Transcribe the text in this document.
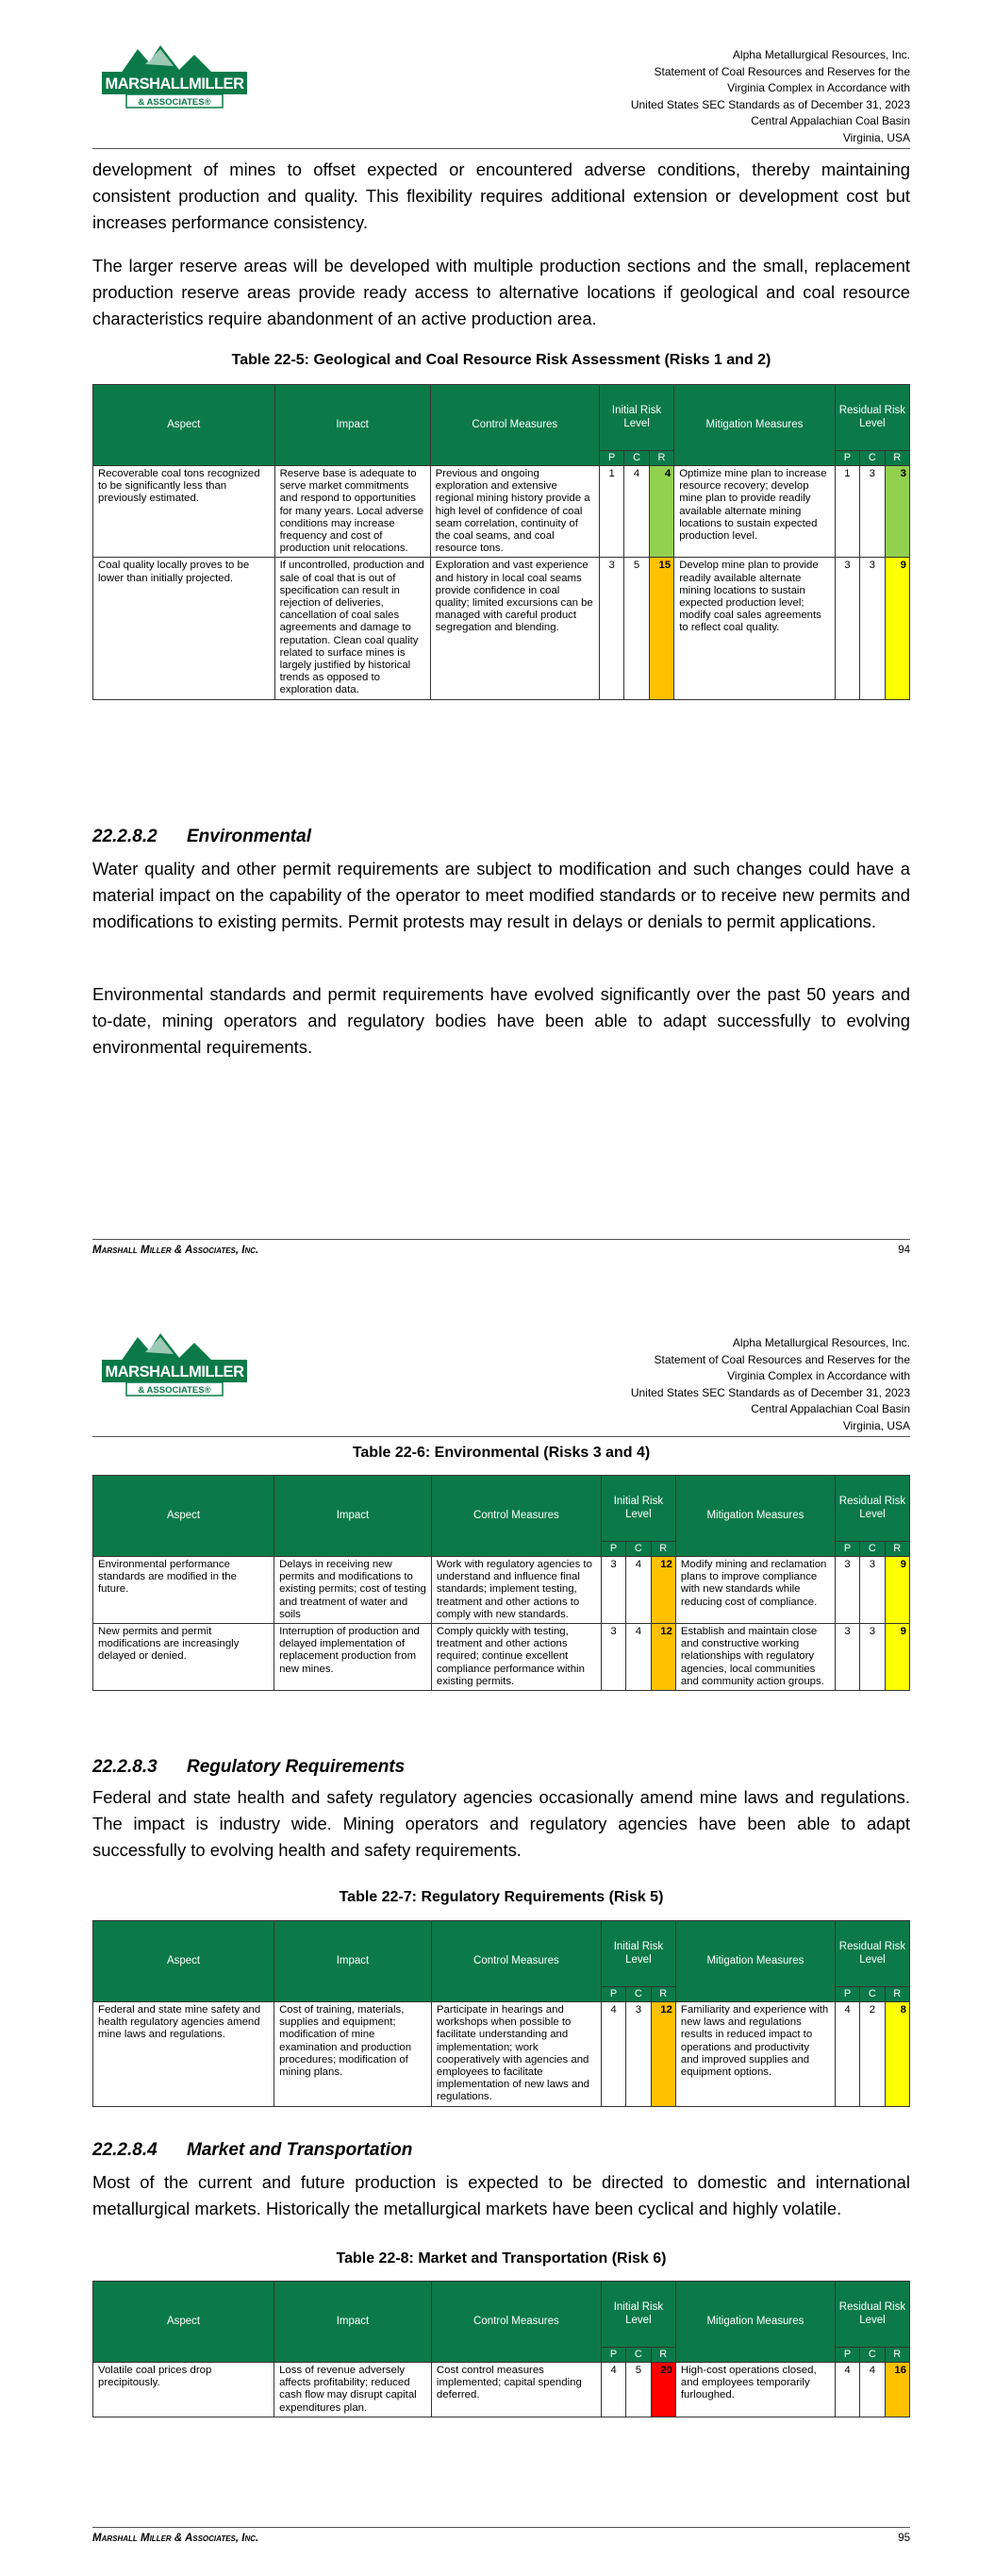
MARSHALLMILLER
& ASSOCIATES®
Alpha Metallurgical Resources, Inc.
Statement of Coal Resources and Reserves for the
Virginia Complex in Accordance with
United States SEC Standards as of December 31, 2023
Central Appalachian Coal Basin
Virginia, USA

development of mines to offset expected or encountered adverse conditions, thereby maintaining consistent production and quality. This flexibility requires additional extension or development cost but increases performance consistency.

The larger reserve areas will be developed with multiple production sections and the small, replacement production reserve areas provide ready access to alternative locations if geological and coal resource characteristics require abandonment of an active production area.

Table 22-5: Geological and Coal Resource Risk Assessment (Risks 1 and 2)
Aspect	Impact	Control Measures	Initial Risk Level			Mitigation Measures	Residual Risk Level		
			P	C	R		P	C	R
Recoverable coal tons recognized to be significantly less than previously estimated.	Reserve base is adequate to serve market commitments and respond to opportunities for many years. Local adverse conditions may increase frequency and cost of production unit relocations.	Previous and ongoing exploration and extensive regional mining history provide a high level of confidence of coal seam correlation, continuity of the coal seams, and coal resource tons.	1	4	4	Optimize mine plan to increase resource recovery; develop mine plan to provide readily available alternate mining locations to sustain expected production level.	1	3	3
Coal quality locally proves to be lower than initially projected.	If uncontrolled, production and sale of coal that is out of specification can result in rejection of deliveries, cancellation of coal sales agreements and damage to reputation. Clean coal quality related to surface mines is largely justified by historical trends as opposed to exploration data.	Exploration and vast experience and history in local coal seams provide confidence in coal quality; limited excursions can be managed with careful product segregation and blending.	3	5	15	Develop mine plan to provide readily available alternate mining locations to sustain expected production level; modify coal sales agreements to reflect coal quality.	3	3	9
22.2.8.2 Environmental

Water quality and other permit requirements are subject to modification and such changes could have a material impact on the capability of the operator to meet modified standards or to receive new permits and modifications to existing permits. Permit protests may result in delays or denials to permit applications.

Environmental standards and permit requirements have evolved significantly over the past 50 years and to-date, mining operators and regulatory bodies have been able to adapt successfully to evolving environmental requirements.

Marshall Miller & Associates, Inc.	94
MARSHALLMILLER
& ASSOCIATES®
Alpha Metallurgical Resources, Inc.
Statement of Coal Resources and Reserves for the
Virginia Complex in Accordance with
United States SEC Standards as of December 31, 2023
Central Appalachian Coal Basin
Virginia, USA
Table 22-6: Environmental (Risks 3 and 4)
Aspect	Impact	Control Measures	Initial Risk Level			Mitigation Measures	Residual Risk Level		
			P	C	R		P	C	R
Environmental performance standards are modified in the future.	Delays in receiving new permits and modifications to existing permits; cost of testing and treatment of water and soils	Work with regulatory agencies to understand and influence final standards; implement testing, treatment and other actions to comply with new standards.	3	4	12	Modify mining and reclamation plans to improve compliance with new standards while reducing cost of compliance.	3	3	9
New permits and permit modifications are increasingly delayed or denied.	Interruption of production and delayed implementation of replacement production from new mines.	Comply quickly with testing, treatment and other actions required; continue excellent compliance performance within existing permits.	3	4	12	Establish and maintain close and constructive working relationships with regulatory agencies, local communities and community action groups.	3	3	9
22.2.8.3 Regulatory Requirements

Federal and state health and safety regulatory agencies occasionally amend mine laws and regulations. The impact is industry wide. Mining operators and regulatory agencies have been able to adapt successfully to evolving health and safety requirements.

Table 22-7: Regulatory Requirements (Risk 5)
Aspect	Impact	Control Measures	Initial Risk Level			Mitigation Measures	Residual Risk Level		
			P	C	R		P	C	R
Federal and state mine safety and health regulatory agencies amend mine laws and regulations.	Cost of training, materials, supplies and equipment; modification of mine examination and production procedures; modification of mining plans.	Participate in hearings and workshops when possible to facilitate understanding and implementation; work cooperatively with agencies and employees to facilitate implementation of new laws and regulations.	4	3	12	Familiarity and experience with new laws and regulations results in reduced impact to operations and productivity and improved supplies and equipment options.	4	2	8
22.2.8.4 Market and Transportation

Most of the current and future production is expected to be directed to domestic and international metallurgical markets. Historically the metallurgical markets have been cyclical and highly volatile.

Table 22-8: Market and Transportation (Risk 6)
Aspect	Impact	Control Measures	Initial Risk Level			Mitigation Measures	Residual Risk Level		
			P	C	R		P	C	R
Volatile coal prices drop precipitously.	Loss of revenue adversely affects profitability; reduced cash flow may disrupt capital expenditures plan.	Cost control measures implemented; capital spending deferred.	4	5	20	High-cost operations closed, and employees temporarily furloughed.	4	4	16
Marshall Miller & Associates, Inc.	95
